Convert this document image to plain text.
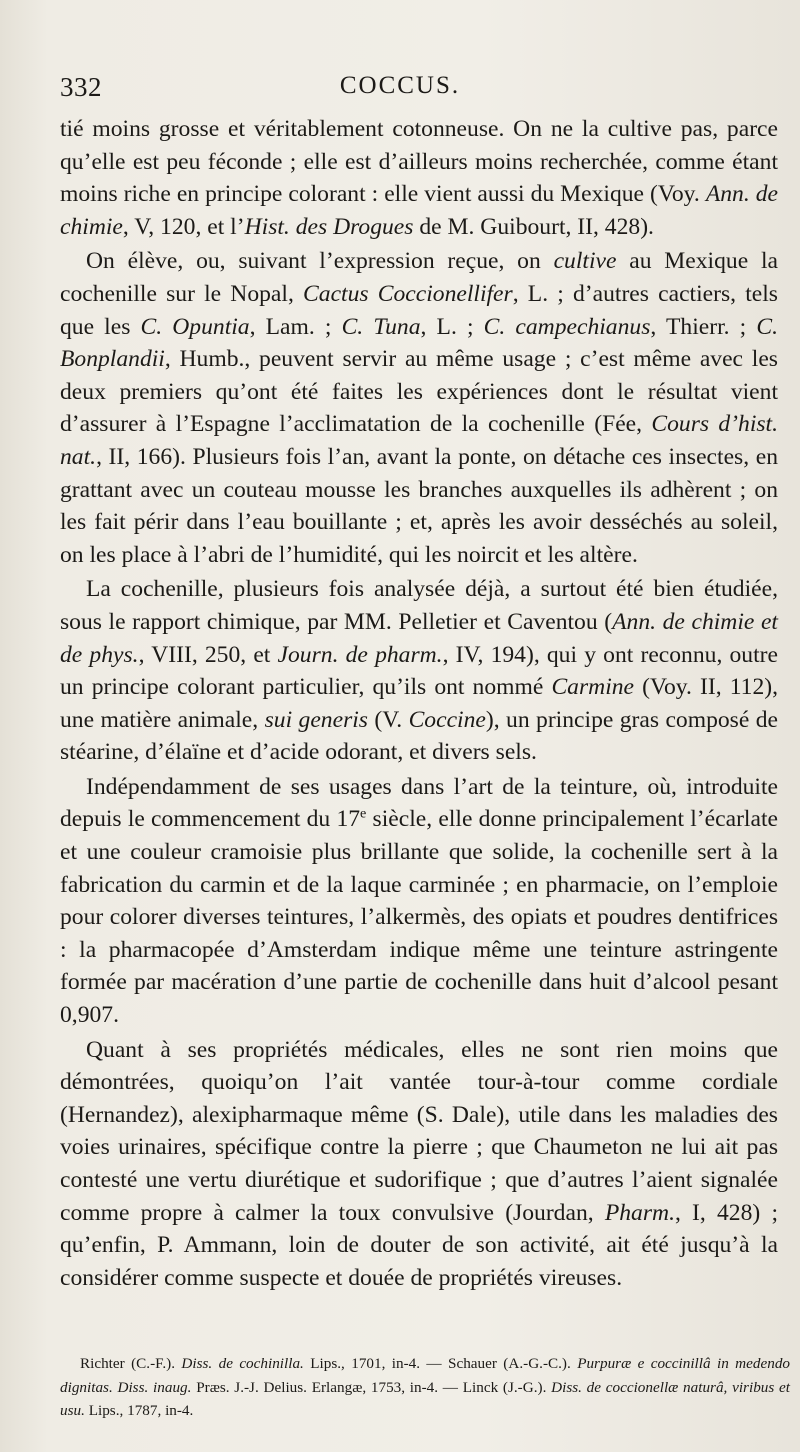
332	COCCUS.

tié moins grosse et véritablement cotonneuse. On ne la cultive pas, parce qu’elle est peu féconde ; elle est d’ailleurs moins recherchée, comme étant moins riche en principe colorant : elle vient aussi du Mexique (Voy. Ann. de chimie, V, 120, et l’Hist. des Drogues de M. Guibourt, II, 428).

On élève, ou, suivant l’expression reçue, on cultive au Mexique la cochenille sur le Nopal, Cactus Coccionellifer, L. ; d’autres cactiers, tels que les C. Opuntia, Lam. ; C. Tuna, L. ; C. campechianus, Thierr. ; C. Bonplandii, Humb., peuvent servir au même usage ; c’est même avec les deux premiers qu’ont été faites les expériences dont le résultat vient d’assurer à l’Espagne l’acclimatation de la cochenille (Fée, Cours d’hist. nat., II, 166). Plusieurs fois l’an, avant la ponte, on détache ces insectes, en grattant avec un couteau mousse les branches auxquelles ils adhèrent ; on les fait périr dans l’eau bouillante ; et, après les avoir desséchés au soleil, on les place à l’abri de l’humidité, qui les noircit et les altère.

La cochenille, plusieurs fois analysée déjà, a surtout été bien étudiée, sous le rapport chimique, par MM. Pelletier et Caventou (Ann. de chimie et de phys., VIII, 250, et Journ. de pharm., IV, 194), qui y ont reconnu, outre un principe colorant particulier, qu’ils ont nommé Carmine (Voy. II, 112), une matière animale, sui generis (V. Coccine), un principe gras composé de stéarine, d’élaïne et d’acide odorant, et divers sels.

Indépendamment de ses usages dans l’art de la teinture, où, introduite depuis le commencement du 17e siècle, elle donne principalement l’écarlate et une couleur cramoisie plus brillante que solide, la cochenille sert à la fabrication du carmin et de la laque carminée ; en pharmacie, on l’emploie pour colorer diverses teintures, l’alkermès, des opiats et poudres dentifrices : la pharmacopée d’Amsterdam indique même une teinture astringente formée par macération d’une partie de cochenille dans huit d’alcool pesant 0,907.

Quant à ses propriétés médicales, elles ne sont rien moins que démontrées, quoiqu’on l’ait vantée tour-à-tour comme cordiale (Hernandez), alexipharmaque même (S. Dale), utile dans les maladies des voies urinaires, spécifique contre la pierre ; que Chaumeton ne lui ait pas contesté une vertu diurétique et sudorifique ; que d’autres l’aient signalée comme propre à calmer la toux convulsive (Jourdan, Pharm., I, 428) ; qu’enfin, P. Ammann, loin de douter de son activité, ait été jusqu’à la considérer comme suspecte et douée de propriétés vireuses.

Richter (C.-F.). Diss. de cochinilla. Lips., 1701, in-4. — Schauer (A.-G.-C.). Purpuræ e coccinillâ in medendo dignitas. Diss. inaug. Præs. J.-J. Delius. Erlangæ, 1753, in-4. — Linck (J.-G.). Diss. de coccionellæ naturâ, viribus et usu. Lips., 1787, in-4.
